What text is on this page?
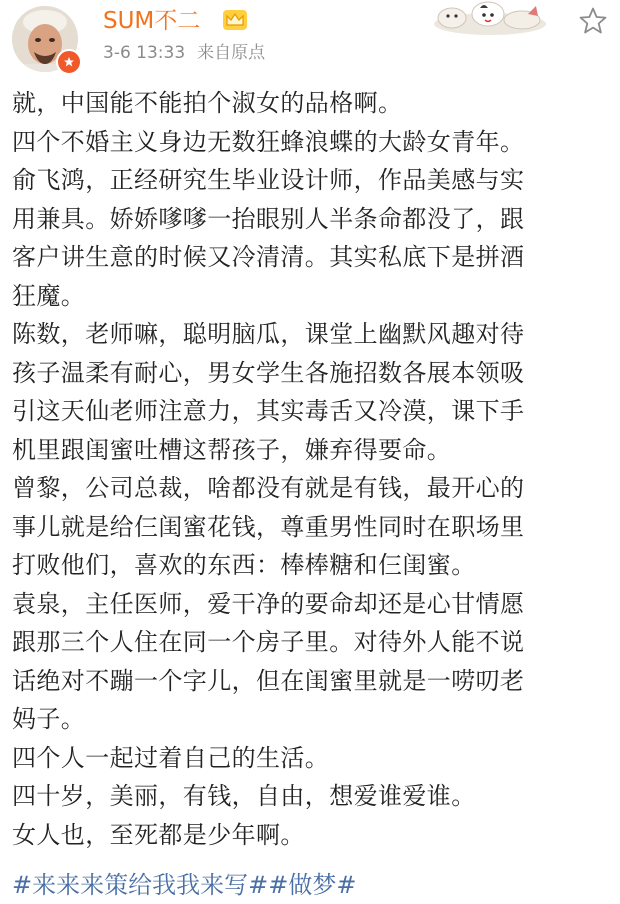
SUM不二
3-6 13:33 来自原点
就，中国能不能拍个淑女的品格啊。
四个不婚主义身边无数狂蜂浪蝶的大龄女青年。
俞飞鸿，正经研究生毕业设计师，作品美感与实
用兼具。娇娇嗲嗲一抬眼别人半条命都没了，跟
客户讲生意的时候又冷清清。其实私底下是拼酒
狂魔。
陈数，老师嘛，聪明脑瓜，课堂上幽默风趣对待
孩子温柔有耐心，男女学生各施招数各展本领吸
引这天仙老师注意力，其实毒舌又冷漠，课下手
机里跟闺蜜吐槽这帮孩子，嫌弃得要命。
曾黎，公司总裁，啥都没有就是有钱，最开心的
事儿就是给仨闺蜜花钱，尊重男性同时在职场里
打败他们，喜欢的东西：棒棒糖和仨闺蜜。
袁泉，主任医师，爱干净的要命却还是心甘情愿
跟那三个人住在同一个房子里。对待外人能不说
话绝对不蹦一个字儿，但在闺蜜里就是一唠叨老
妈子。
四个人一起过着自己的生活。
四十岁，美丽，有钱，自由，想爱谁爱谁。
女人也，至死都是少年啊。
#来来来策给我我来写##做梦#
